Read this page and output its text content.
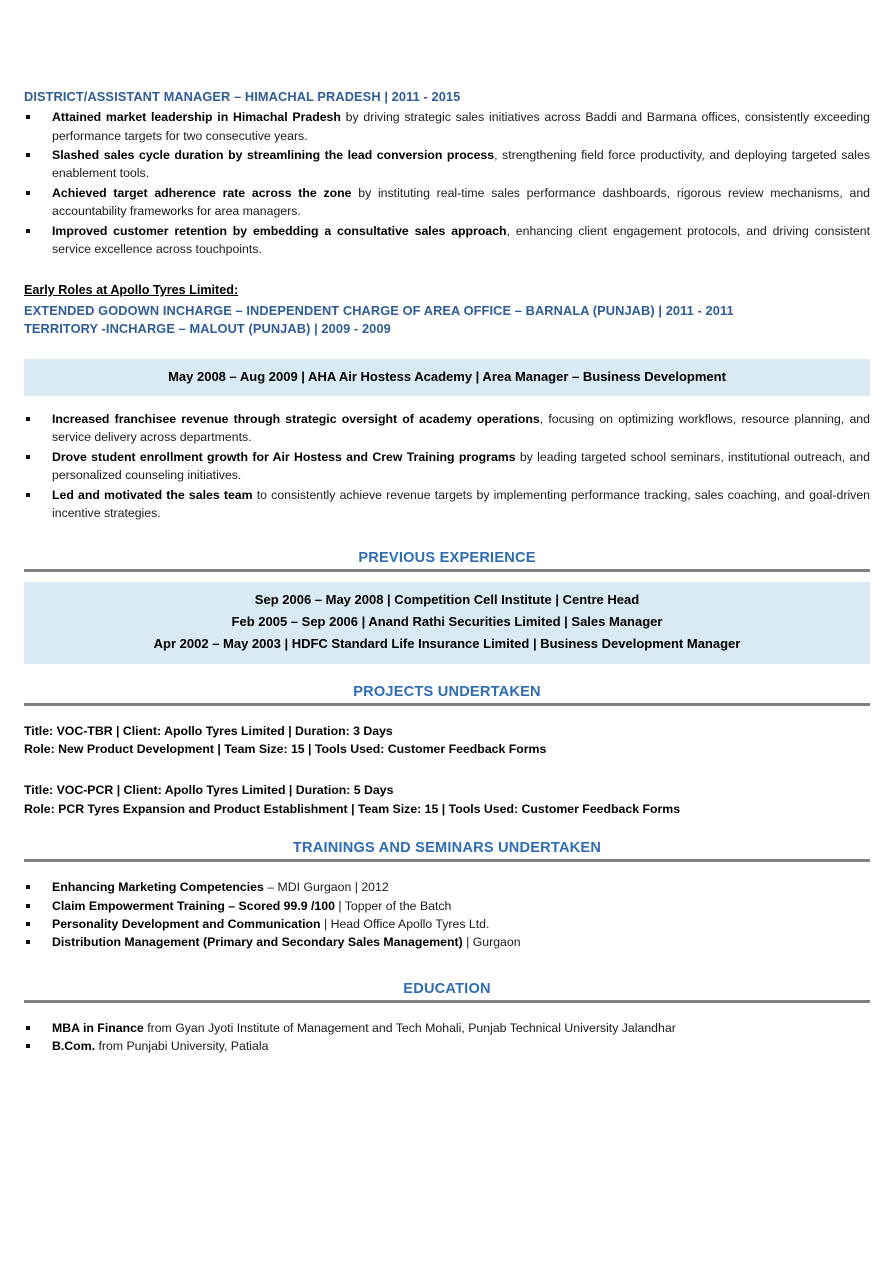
DISTRICT/ASSISTANT MANAGER – HIMACHAL PRADESH | 2011 - 2015
Attained market leadership in Himachal Pradesh by driving strategic sales initiatives across Baddi and Barmana offices, consistently exceeding performance targets for two consecutive years.
Slashed sales cycle duration by streamlining the lead conversion process, strengthening field force productivity, and deploying targeted sales enablement tools.
Achieved target adherence rate across the zone by instituting real-time sales performance dashboards, rigorous review mechanisms, and accountability frameworks for area managers.
Improved customer retention by embedding a consultative sales approach, enhancing client engagement protocols, and driving consistent service excellence across touchpoints.
Early Roles at Apollo Tyres Limited:
EXTENDED GODOWN INCHARGE – INDEPENDENT CHARGE OF AREA OFFICE – BARNALA (PUNJAB) | 2011 - 2011
TERRITORY -INCHARGE – MALOUT (PUNJAB) | 2009 - 2009
May 2008 – Aug 2009 | AHA Air Hostess Academy | Area Manager – Business Development
Increased franchisee revenue through strategic oversight of academy operations, focusing on optimizing workflows, resource planning, and service delivery across departments.
Drove student enrollment growth for Air Hostess and Crew Training programs by leading targeted school seminars, institutional outreach, and personalized counseling initiatives.
Led and motivated the sales team to consistently achieve revenue targets by implementing performance tracking, sales coaching, and goal-driven incentive strategies.
PREVIOUS EXPERIENCE
Sep 2006 – May 2008 | Competition Cell Institute | Centre Head
Feb 2005 – Sep 2006 | Anand Rathi Securities Limited | Sales Manager
Apr 2002 – May 2003 | HDFC Standard Life Insurance Limited | Business Development Manager
PROJECTS UNDERTAKEN
Title: VOC-TBR | Client: Apollo Tyres Limited | Duration: 3 Days
Role: New Product Development | Team Size: 15 | Tools Used: Customer Feedback Forms
Title: VOC-PCR | Client: Apollo Tyres Limited | Duration: 5 Days
Role: PCR Tyres Expansion and Product Establishment | Team Size: 15 | Tools Used: Customer Feedback Forms
TRAININGS AND SEMINARS UNDERTAKEN
Enhancing Marketing Competencies – MDI Gurgaon | 2012
Claim Empowerment Training – Scored 99.9 /100 | Topper of the Batch
Personality Development and Communication | Head Office Apollo Tyres Ltd.
Distribution Management (Primary and Secondary Sales Management) | Gurgaon
EDUCATION
MBA in Finance from Gyan Jyoti Institute of Management and Tech Mohali, Punjab Technical University Jalandhar
B.Com. from Punjabi University, Patiala
